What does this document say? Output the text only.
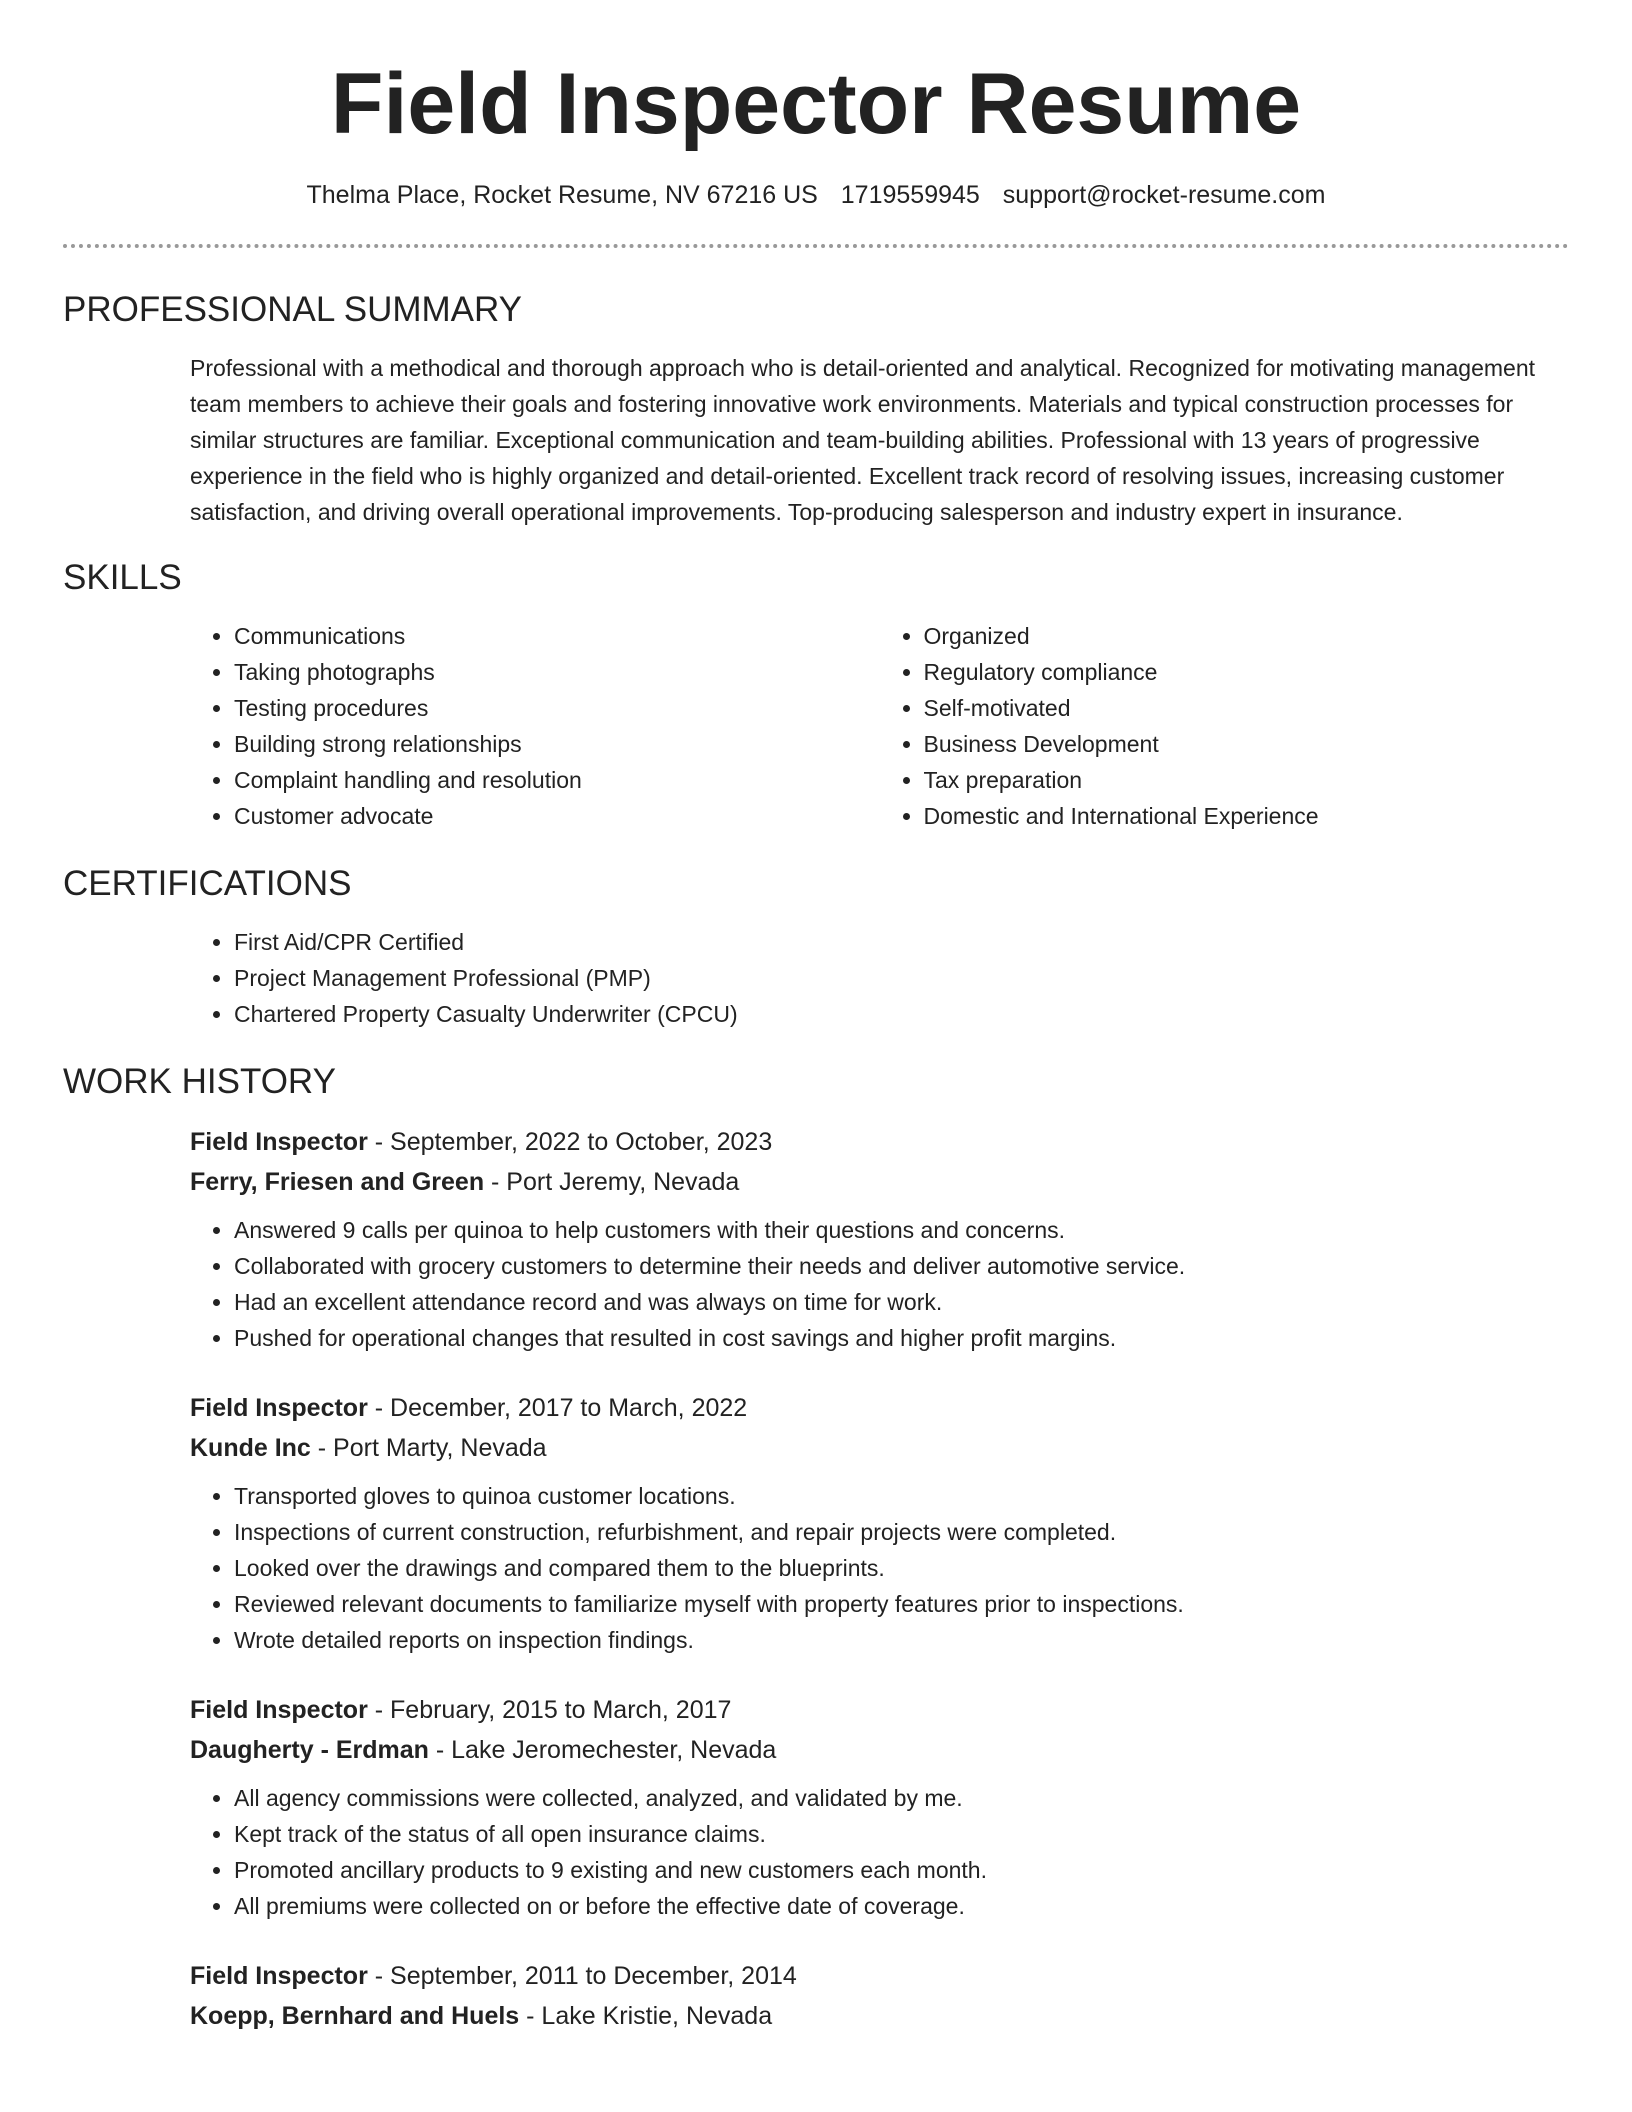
Field Inspector Resume
Thelma Place, Rocket Resume, NV 67216 US 1719559945 support@rocket-resume.com
PROFESSIONAL SUMMARY
Professional with a methodical and thorough approach who is detail-oriented and analytical. Recognized for motivating management team members to achieve their goals and fostering innovative work environments. Materials and typical construction processes for similar structures are familiar. Exceptional communication and team-building abilities. Professional with 13 years of progressive experience in the field who is highly organized and detail-oriented. Excellent track record of resolving issues, increasing customer satisfaction, and driving overall operational improvements. Top-producing salesperson and industry expert in insurance.
SKILLS
• Communications
• Taking photographs
• Testing procedures
• Building strong relationships
• Complaint handling and resolution
• Customer advocate
• Organized
• Regulatory compliance
• Self-motivated
• Business Development
• Tax preparation
• Domestic and International Experience
CERTIFICATIONS
• First Aid/CPR Certified
• Project Management Professional (PMP)
• Chartered Property Casualty Underwriter (CPCU)
WORK HISTORY
Field Inspector - September, 2022 to October, 2023
Ferry, Friesen and Green - Port Jeremy, Nevada
• Answered 9 calls per quinoa to help customers with their questions and concerns.
• Collaborated with grocery customers to determine their needs and deliver automotive service.
• Had an excellent attendance record and was always on time for work.
• Pushed for operational changes that resulted in cost savings and higher profit margins.
Field Inspector - December, 2017 to March, 2022
Kunde Inc - Port Marty, Nevada
• Transported gloves to quinoa customer locations.
• Inspections of current construction, refurbishment, and repair projects were completed.
• Looked over the drawings and compared them to the blueprints.
• Reviewed relevant documents to familiarize myself with property features prior to inspections.
• Wrote detailed reports on inspection findings.
Field Inspector - February, 2015 to March, 2017
Daugherty - Erdman - Lake Jeromechester, Nevada
• All agency commissions were collected, analyzed, and validated by me.
• Kept track of the status of all open insurance claims.
• Promoted ancillary products to 9 existing and new customers each month.
• All premiums were collected on or before the effective date of coverage.
Field Inspector - September, 2011 to December, 2014
Koepp, Bernhard and Huels - Lake Kristie, Nevada
